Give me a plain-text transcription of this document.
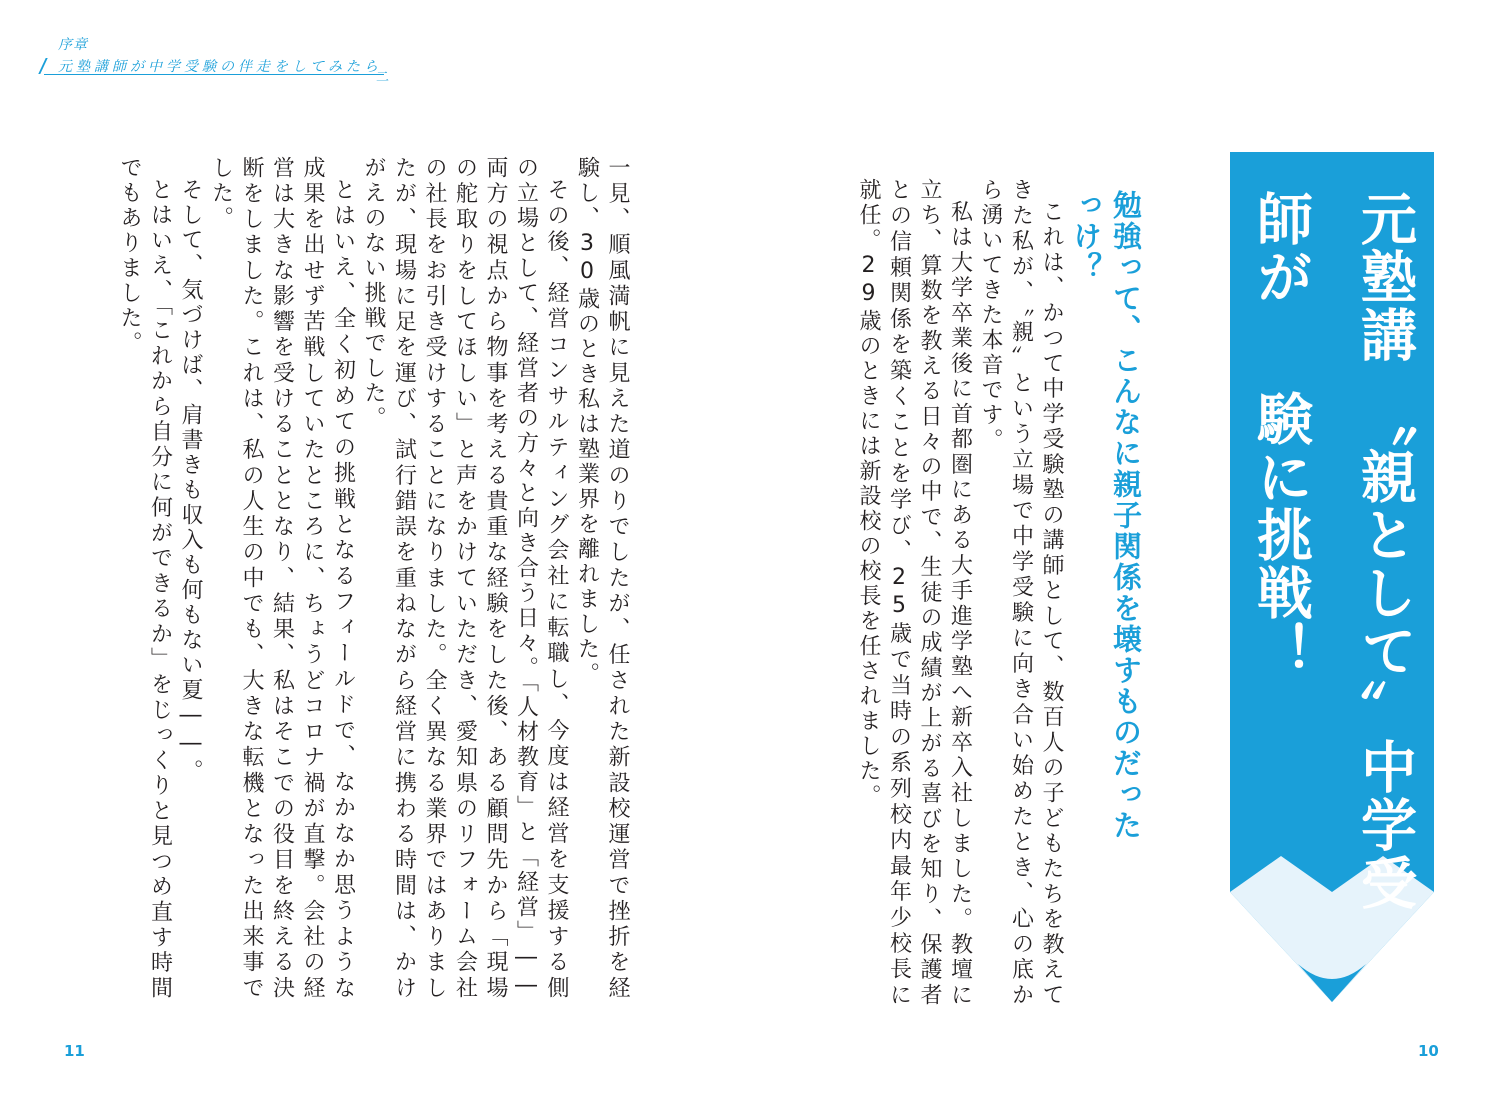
序章
元塾講師が中学受験の伴走をしてみたら
二

一見、順風満帆に見えた道のりでしたが、任された新設校運営で挫折を経験し、30歳のとき私は塾業界を離れました。

その後、経営コンサルティング会社に転職し、今度は経営を支援する側の立場として、経営者の方々と向き合う日々。「人材教育」と「経営」――両方の視点から物事を考える貴重な経験をした後、ある顧問先から「現場の舵取りをしてほしい」と声をかけていただき、愛知県のリフォーム会社の社長をお引き受けすることになりました。全く異なる業界ではありましたが、現場に足を運び、試行錯誤を重ねながら経営に携わる時間は、かけがえのない挑戦でした。

とはいえ、全く初めての挑戦となるフィールドで、なかなか思うような成果を出せず苦戦していたところに、ちょうどコロナ禍が直撃。会社の経営は大きな影響を受けることとなり、結果、私はそこでの役目を終える決断をしました。これは、私の人生の中でも、大きな転機となった出来事でした。

そして、気づけば、肩書きも収入も何もない夏――。

とはいえ、「これから自分に何ができるか」をじっくりと見つめ直す時間でもありました。	これは、かつて中学受験塾の講師として、数百人の子どもたちを教えてきた私が、〝親〟という立場で中学受験に向き合い始めたとき、心の底から湧いてきた本音です。

私は大学卒業後に首都圏にある大手進学塾へ新卒入社しました。教壇に立ち、算数を教える日々の中で、生徒の成績が上がる喜びを知り、保護者との信頼関係を築くことを学び、25歳で当時の系列校内最年少校長に就任。29歳のときには新設校の校長を任されました。	勉強って、こんなに親子関係を壊すものだったっけ？	元塾講師が
〝親として〟中学受験に挑戦！
11	10
